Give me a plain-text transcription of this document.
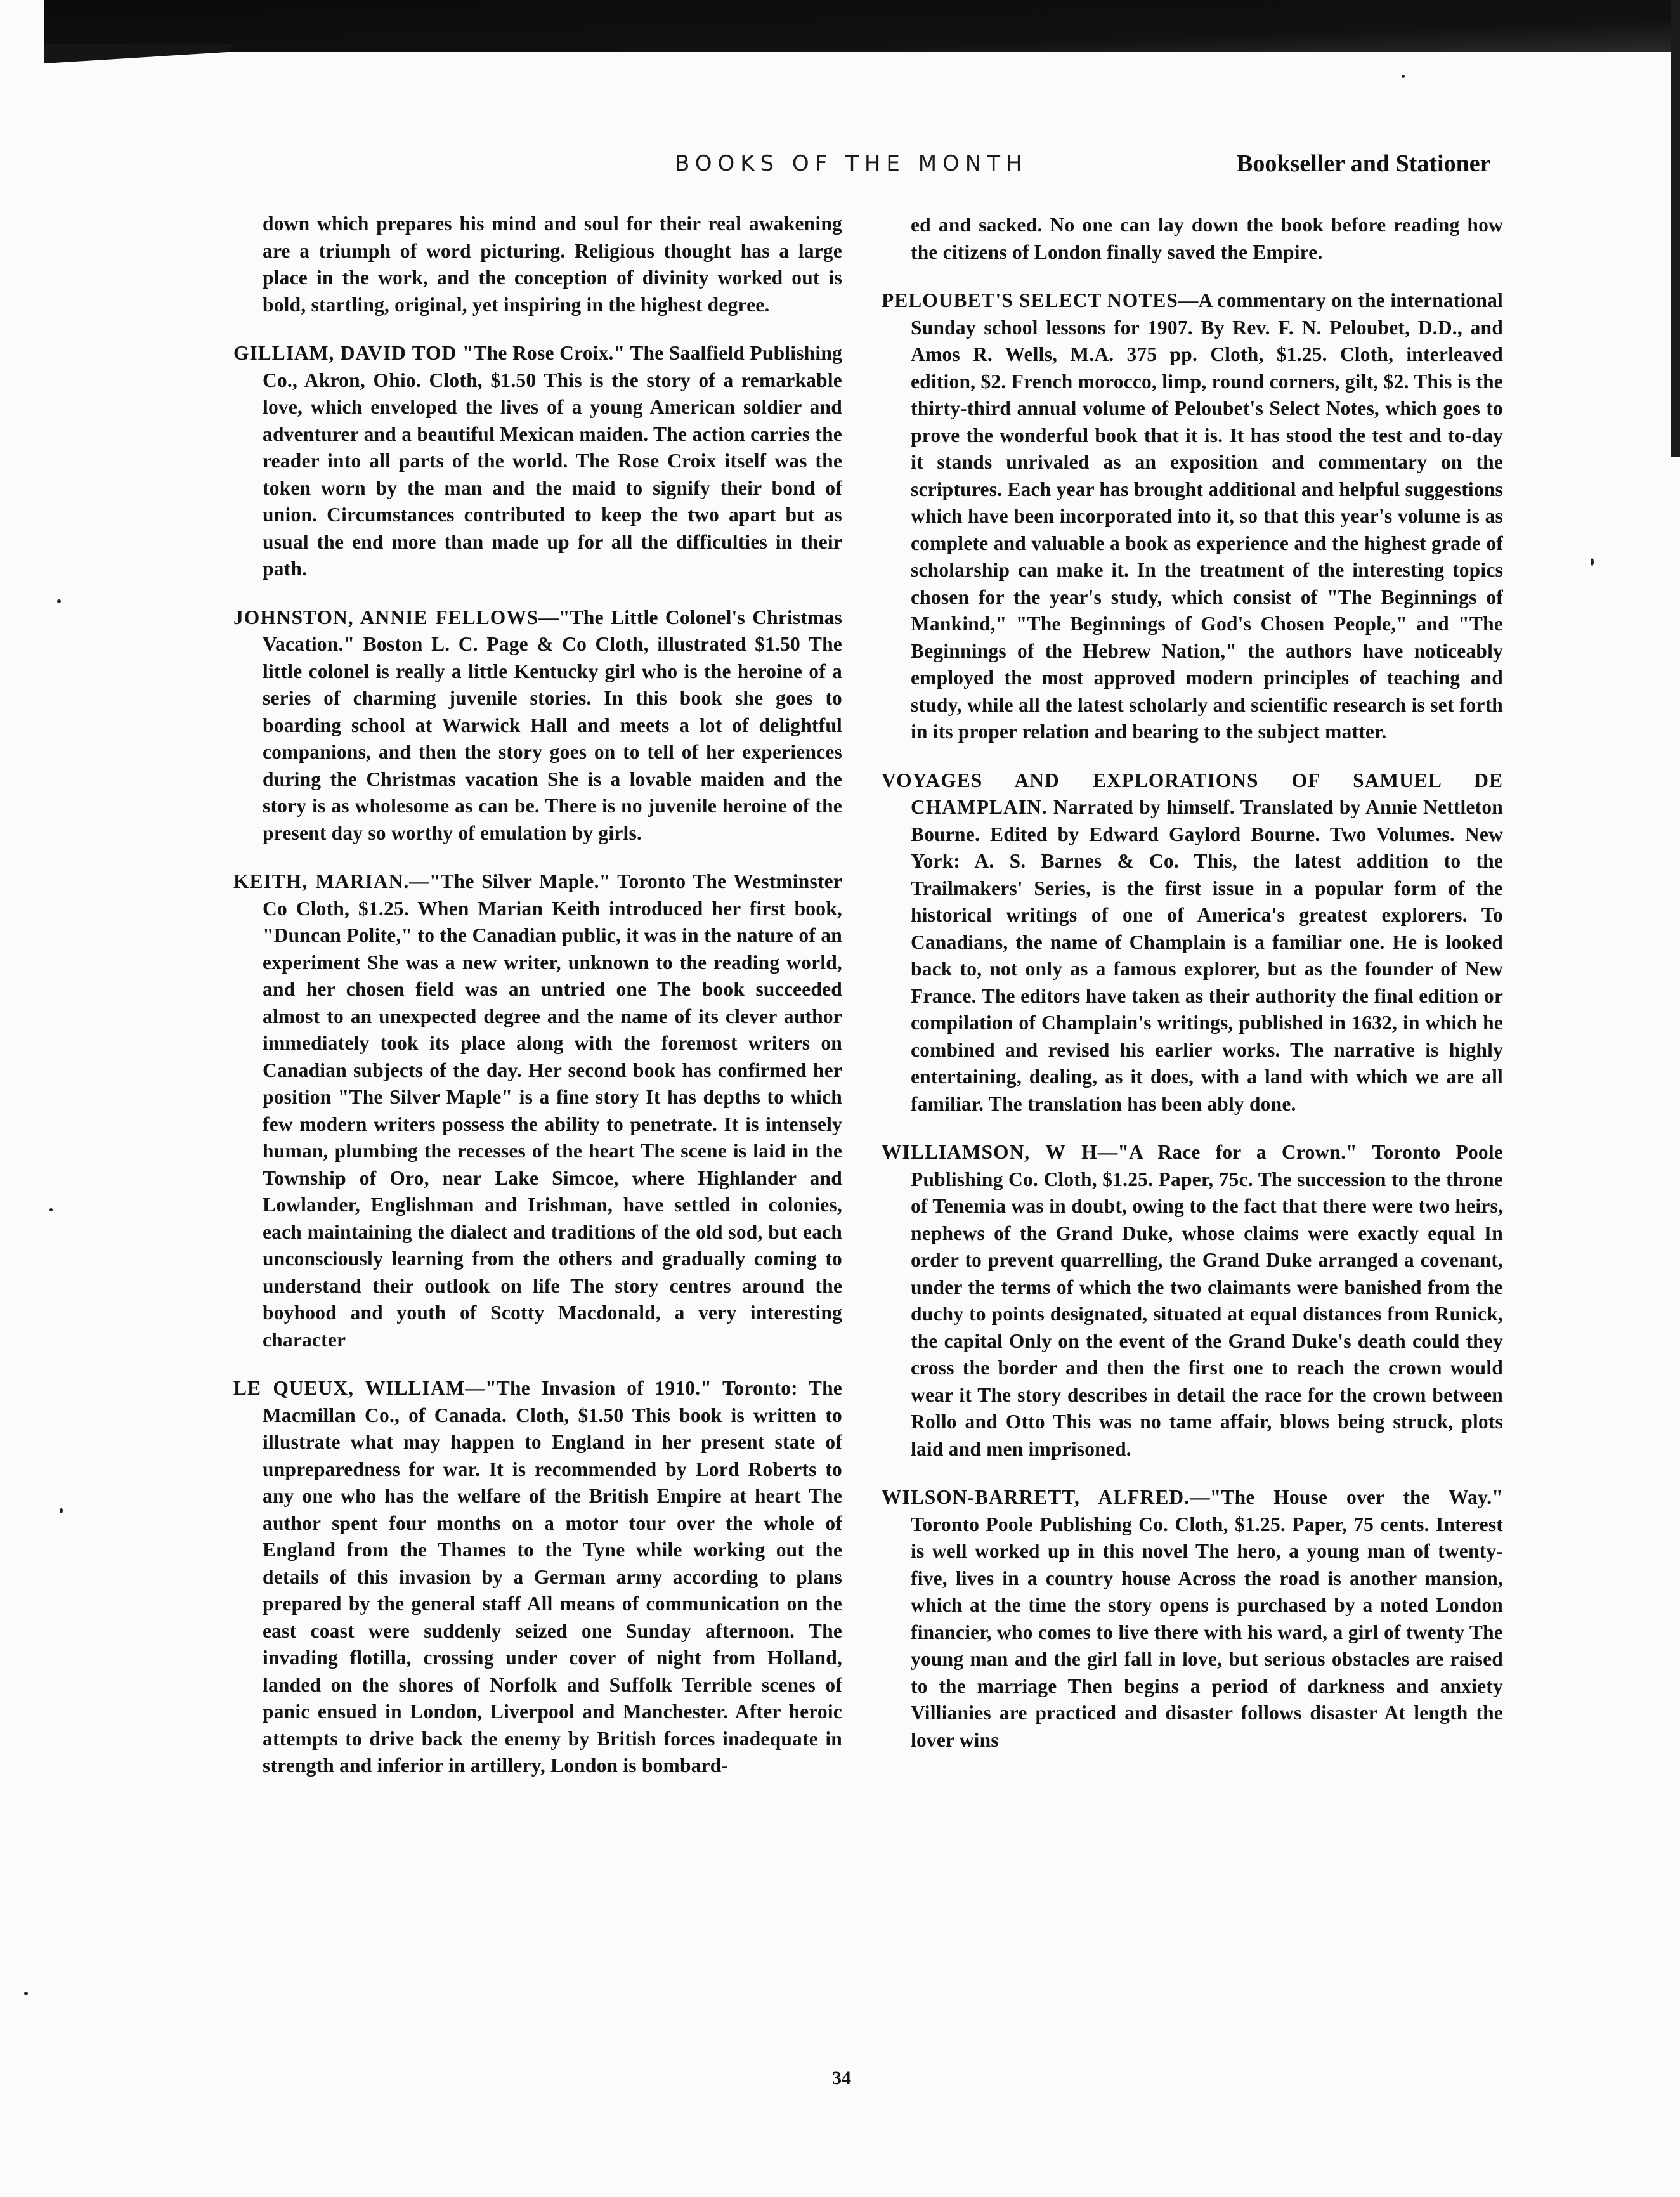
BOOKS OF THE MONTH	Bookseller and Stationer

down which prepares his mind and soul for their real awakening are a triumph of word picturing. Religious thought has a large place in the work, and the conception of divinity worked out is bold, startling, original, yet inspiring in the highest degree.

GILLIAM, DAVID TOD "The Rose Croix." The Saalfield Publishing Co., Akron, Ohio. Cloth, $1.50 This is the story of a remarkable love, which enveloped the lives of a young American soldier and adventurer and a beautiful Mexican maiden. The action carries the reader into all parts of the world. The Rose Croix itself was the token worn by the man and the maid to signify their bond of union. Circumstances contributed to keep the two apart but as usual the end more than made up for all the difficulties in their path.

JOHNSTON, ANNIE FELLOWS—"The Little Colonel's Christmas Vacation." Boston L. C. Page & Co Cloth, illustrated $1.50 The little colonel is really a little Kentucky girl who is the heroine of a series of charming juvenile stories. In this book she goes to boarding school at Warwick Hall and meets a lot of delightful companions, and then the story goes on to tell of her experiences during the Christmas vacation She is a lovable maiden and the story is as wholesome as can be. There is no juvenile heroine of the present day so worthy of emulation by girls.

KEITH, MARIAN.—"The Silver Maple." Toronto The Westminster Co Cloth, $1.25. When Marian Keith introduced her first book, "Duncan Polite," to the Canadian public, it was in the nature of an experiment She was a new writer, unknown to the reading world, and her chosen field was an untried one The book succeeded almost to an unexpected degree and the name of its clever author immediately took its place along with the foremost writers on Canadian subjects of the day. Her second book has confirmed her position "The Silver Maple" is a fine story It has depths to which few modern writers possess the ability to penetrate. It is intensely human, plumbing the recesses of the heart The scene is laid in the Township of Oro, near Lake Simcoe, where Highlander and Lowlander, Englishman and Irishman, have settled in colonies, each maintaining the dialect and traditions of the old sod, but each unconsciously learning from the others and gradually coming to understand their outlook on life The story centres around the boyhood and youth of Scotty Macdonald, a very interesting character

LE QUEUX, WILLIAM—"The Invasion of 1910." Toronto: The Macmillan Co., of Canada. Cloth, $1.50 This book is written to illustrate what may happen to England in her present state of unpreparedness for war. It is recommended by Lord Roberts to any one who has the welfare of the British Empire at heart The author spent four months on a motor tour over the whole of England from the Thames to the Tyne while working out the details of this invasion by a German army according to plans prepared by the general staff All means of communication on the east coast were suddenly seized one Sunday afternoon. The invading flotilla, crossing under cover of night from Holland, landed on the shores of Norfolk and Suffolk Terrible scenes of panic ensued in London, Liverpool and Manchester. After heroic attempts to drive back the enemy by British forces inadequate in strength and inferior in artillery, London is bombard-

ed and sacked. No one can lay down the book before reading how the citizens of London finally saved the Empire.

PELOUBET'S SELECT NOTES—A commentary on the international Sunday school lessons for 1907. By Rev. F. N. Peloubet, D.D., and Amos R. Wells, M.A. 375 pp. Cloth, $1.25. Cloth, interleaved edition, $2. French morocco, limp, round corners, gilt, $2. This is the thirty-third annual volume of Peloubet's Select Notes, which goes to prove the wonderful book that it is. It has stood the test and to-day it stands unrivaled as an exposition and commentary on the scriptures. Each year has brought additional and helpful suggestions which have been incorporated into it, so that this year's volume is as complete and valuable a book as experience and the highest grade of scholarship can make it. In the treatment of the interesting topics chosen for the year's study, which consist of "The Beginnings of Mankind," "The Beginnings of God's Chosen People," and "The Beginnings of the Hebrew Nation," the authors have noticeably employed the most approved modern principles of teaching and study, while all the latest scholarly and scientific research is set forth in its proper relation and bearing to the subject matter.

VOYAGES AND EXPLORATIONS OF SAMUEL DE CHAMPLAIN. Narrated by himself. Translated by Annie Nettleton Bourne. Edited by Edward Gaylord Bourne. Two Volumes. New York: A. S. Barnes & Co. This, the latest addition to the Trailmakers' Series, is the first issue in a popular form of the historical writings of one of America's greatest explorers. To Canadians, the name of Champlain is a familiar one. He is looked back to, not only as a famous explorer, but as the founder of New France. The editors have taken as their authority the final edition or compilation of Champlain's writings, published in 1632, in which he combined and revised his earlier works. The narrative is highly entertaining, dealing, as it does, with a land with which we are all familiar. The translation has been ably done.

WILLIAMSON, W H—"A Race for a Crown." Toronto Poole Publishing Co. Cloth, $1.25. Paper, 75c. The succession to the throne of Tenemia was in doubt, owing to the fact that there were two heirs, nephews of the Grand Duke, whose claims were exactly equal In order to prevent quarrelling, the Grand Duke arranged a covenant, under the terms of which the two claimants were banished from the duchy to points designated, situated at equal distances from Runick, the capital Only on the event of the Grand Duke's death could they cross the border and then the first one to reach the crown would wear it The story describes in detail the race for the crown between Rollo and Otto This was no tame affair, blows being struck, plots laid and men imprisoned.

WILSON-BARRETT, ALFRED.—"The House over the Way." Toronto Poole Publishing Co. Cloth, $1.25. Paper, 75 cents. Interest is well worked up in this novel The hero, a young man of twenty-five, lives in a country house Across the road is another mansion, which at the time the story opens is purchased by a noted London financier, who comes to live there with his ward, a girl of twenty The young man and the girl fall in love, but serious obstacles are raised to the marriage Then begins a period of darkness and anxiety Villianies are practiced and disaster follows disaster At length the lover wins

34
